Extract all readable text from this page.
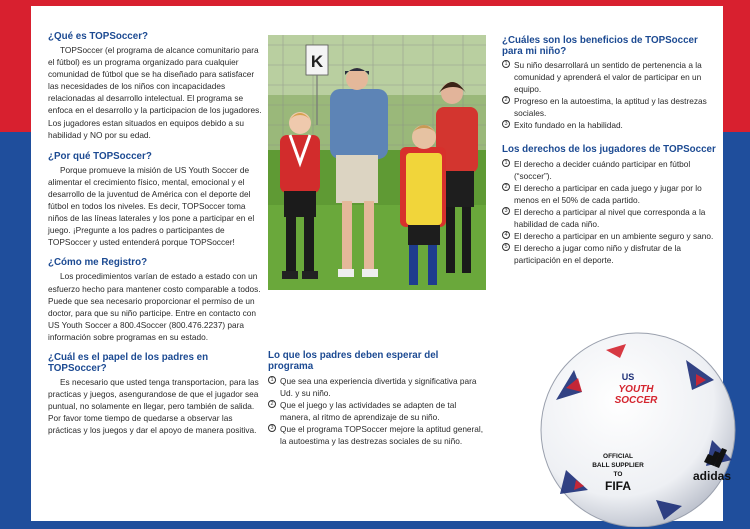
¿Qué es TOPSoccer?

TOPSoccer (el programa de alcance comunitario para el fútbol) es un programa organizado para cualquier comunidad de fútbol que se ha diseñado para satisfacer las necesidades de los niños con incapacidades relacionadas al desarrollo intelectual. El programa se enfoca en el desarrollo y la participacion de los jugadores. Los jugadores estan situados en equipos debido a su habilidad y NO por su edad.

¿Por qué TOPSoccer?

Porque promueve la misión de US Youth Soccer de alimentar el crecimiento físico, mental, emocional y el desarrollo de la juventud de América con el deporte del fútbol en todos los niveles. Es decir, TOPSoccer toma niños de las líneas laterales y los pone a participar en el juego. ¡Pregunte a los padres o participantes de TOPSoccer y usted entenderá porque TOPSoccer!

¿Cómo me Registro?

Los procedimientos varían de estado a estado con un esfuerzo hecho para mantener costo comparable a todos. Puede que sea necesario proporcionar el permiso de un doctor, para que su niño participe. Entre en contacto con US Youth Soccer a 800.4Soccer (800.476.2237) para información sobre programas en su estado.

¿Cuál es el papel de los padres en TOPSoccer?

Es necesario que usted tenga transportacion, para las practicas y juegos, asengurandose de que el jugador sea puntual, no solamente en llegar, pero también de salida. Por favor tome tiempo de quedarse a observar las prácticas y los juegos y dar el apoyo de manera positiva.

K
Lo que los padres deben esperar del programa
1 Que sea una experiencia divertida y significativa para Ud. y su niño.
2 Que el juego y las actividades se adapten de tal manera, al ritmo de aprendizaje de su niño.
3 Que el programa TOPSoccer mejore la aptitud general, la autoestima y las destrezas sociales de su niño.
¿Cuáles son los beneficios de TOPSoccer para mi niño?
1 Su niño desarrollará un sentido de pertenencia a la comunidad y aprenderá el valor de participar en un equipo.
2 Progreso en la autoestima, la aptitud y las destrezas sociales.
3 Exito fundado en la habilidad.
Los derechos de los jugadores de TOPSoccer
1 El derecho a decider cuándo participar en fútbol (“soccer”).
2 El derecho a participar en cada juego y jugar por lo menos en el 50% de cada partido.
3 El derecho a participar al nivel que corresponda a la habilidad de cada niño.
4 El derecho a participar en un ambiente seguro y sano.
5 El derecho a jugar como niño y disfrutar de la participación en el deporte.
US
YOUTH
SOCCER
OFFICIAL
BALL SUPPLIER
TO
FIFA
adidas
